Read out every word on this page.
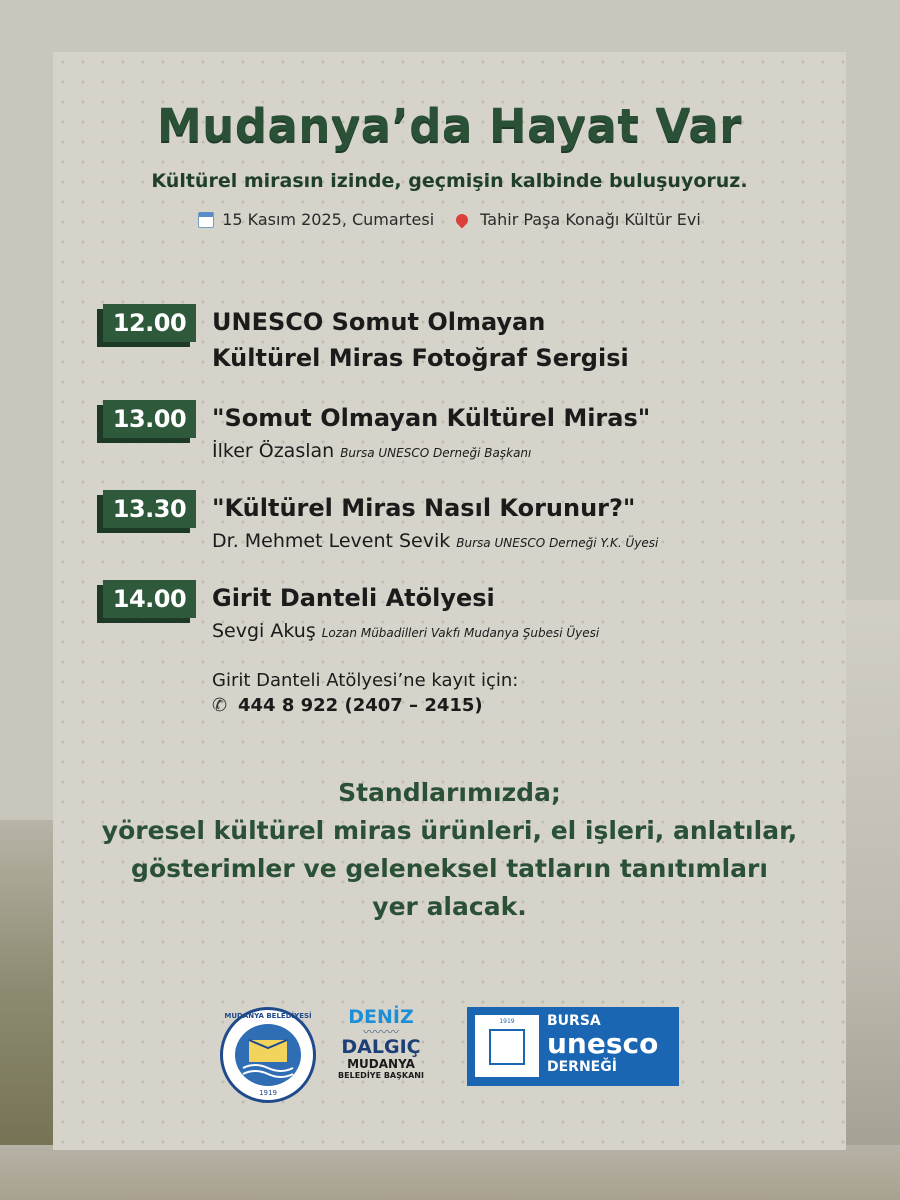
Mudanya’da Hayat Var
Kültürel mirasın izinde, geçmişin kalbinde buluşuyoruz.
15 Kasım 2025, Cumartesi	Tahir Paşa Konağı Kültür Evi
12.00	UNESCO Somut Olmayan
Kültürel Miras Fotoğraf Sergisi
13.00	"Somut Olmayan Kültürel Miras"
İlker Özaslan Bursa UNESCO Derneği Başkanı
13.30	"Kültürel Miras Nasıl Korunur?"
Dr. Mehmet Levent Sevik Bursa UNESCO Derneği Y.K. Üyesi
14.00	Girit Danteli Atölyesi
Sevgi Akuş Lozan Mübadilleri Vakfı Mudanya Şubesi Üyesi
Girit Danteli Atölyesi’ne kayıt için:
✆ 444 8 922 (2407 – 2415)
Standlarımızda;
yöresel kültürel miras ürünleri, el işleri, anlatılar,
gösterimler ve geleneksel tatların tanıtımları
yer alacak.
MUDANYA BELEDİYESİ
1919
DENİZ
〰〰〰
DALGIÇ
MUDANYA
BELEDİYE BAŞKANI
1919	BURSA
unesco
DERNEĞİ
